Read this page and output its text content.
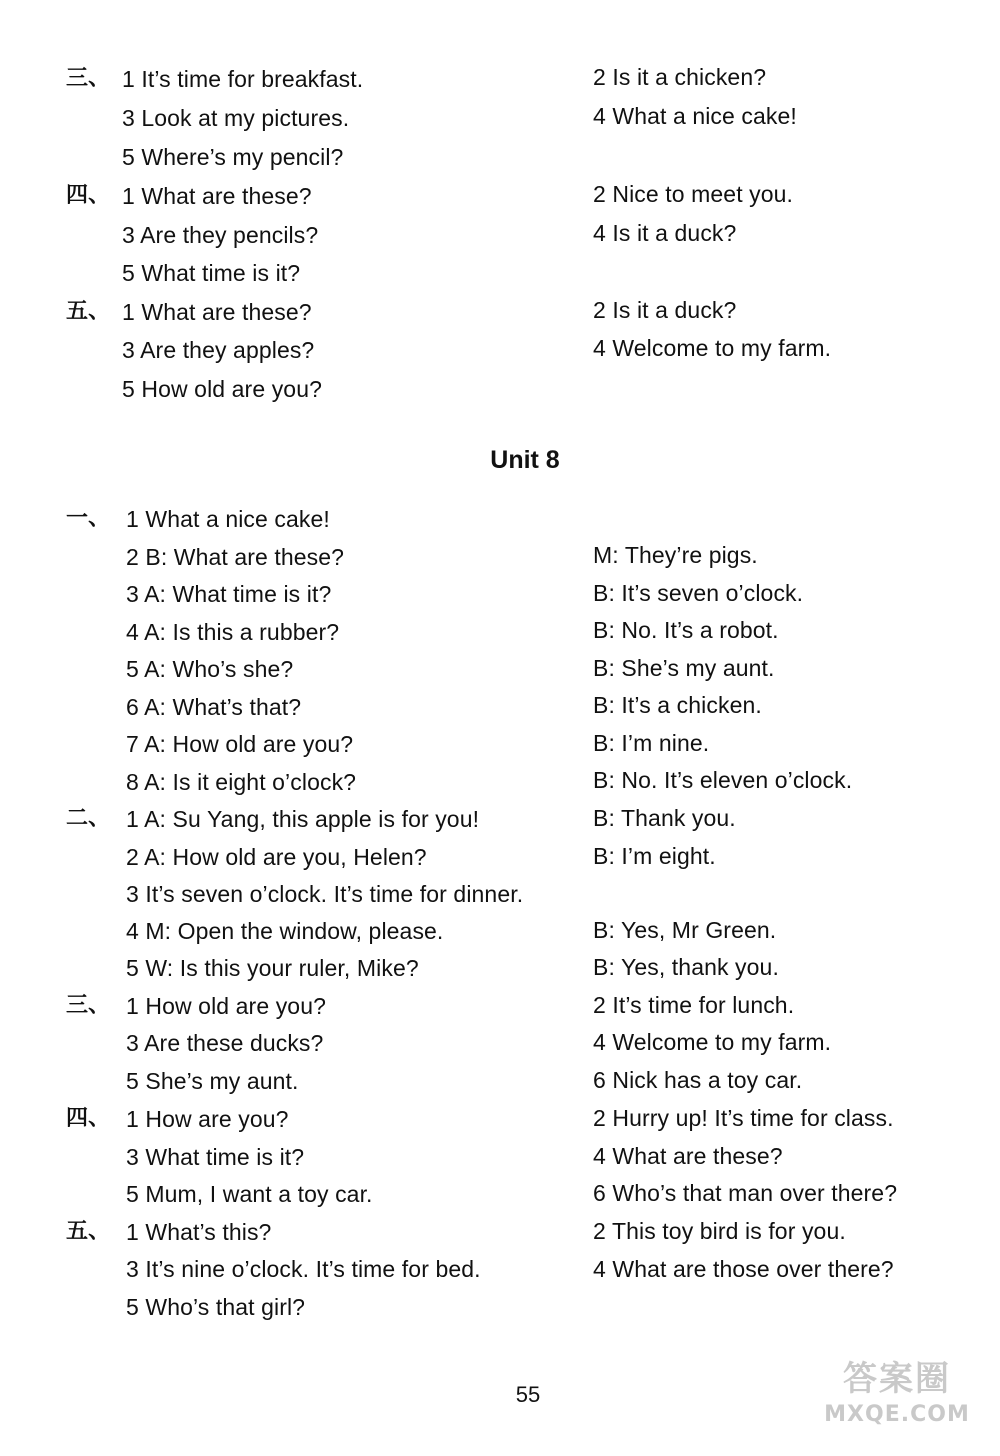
三、 1 It’s time for breakfast.
3 Look at my pictures.
5 Where’s my pencil?
2 Is it a chicken?
4 What a nice cake!
四、 1 What are these?
3 Are they pencils?
5 What time is it?
2 Nice to meet you.
4 Is it a duck?
五、 1 What are these?
3 Are they apples?
5 How old are you?
2 Is it a duck?
4 Welcome to my farm.
Unit 8
一、 1 What a nice cake!
2 B: What are these?
3 A: What time is it?
4 A: Is this a rubber?
5 A: Who’s she?
6 A: What’s that?
7 A: How old are you?
8 A: Is it eight o’clock?
M: They’re pigs.
B: It’s seven o’clock.
B: No. It’s a robot.
B: She’s my aunt.
B: It’s a chicken.
B: I’m nine.
B: No. It’s eleven o’clock.
二、 1 A: Su Yang, this apple is for you!
2 A: How old are you, Helen?
3 It’s seven o’clock. It’s time for dinner.
4 M: Open the window, please.
5 W: Is this your ruler, Mike?
B: Thank you.
B: I’m eight.
B: Yes, Mr Green.
B: Yes, thank you.
三、 1 How old are you?
3 Are these ducks?
5 She’s my aunt.
2 It’s time for lunch.
4 Welcome to my farm.
6 Nick has a toy car.
四、 1 How are you?
3 What time is it?
5 Mum, I want a toy car.
2 Hurry up! It’s time for class.
4 What are these?
6 Who’s that man over there?
五、 1 What’s this?
3 It’s nine o’clock. It’s time for bed.
5 Who’s that girl?
2 This toy bird is for you.
4 What are those over there?
55	答案圈
MXQE.COM
